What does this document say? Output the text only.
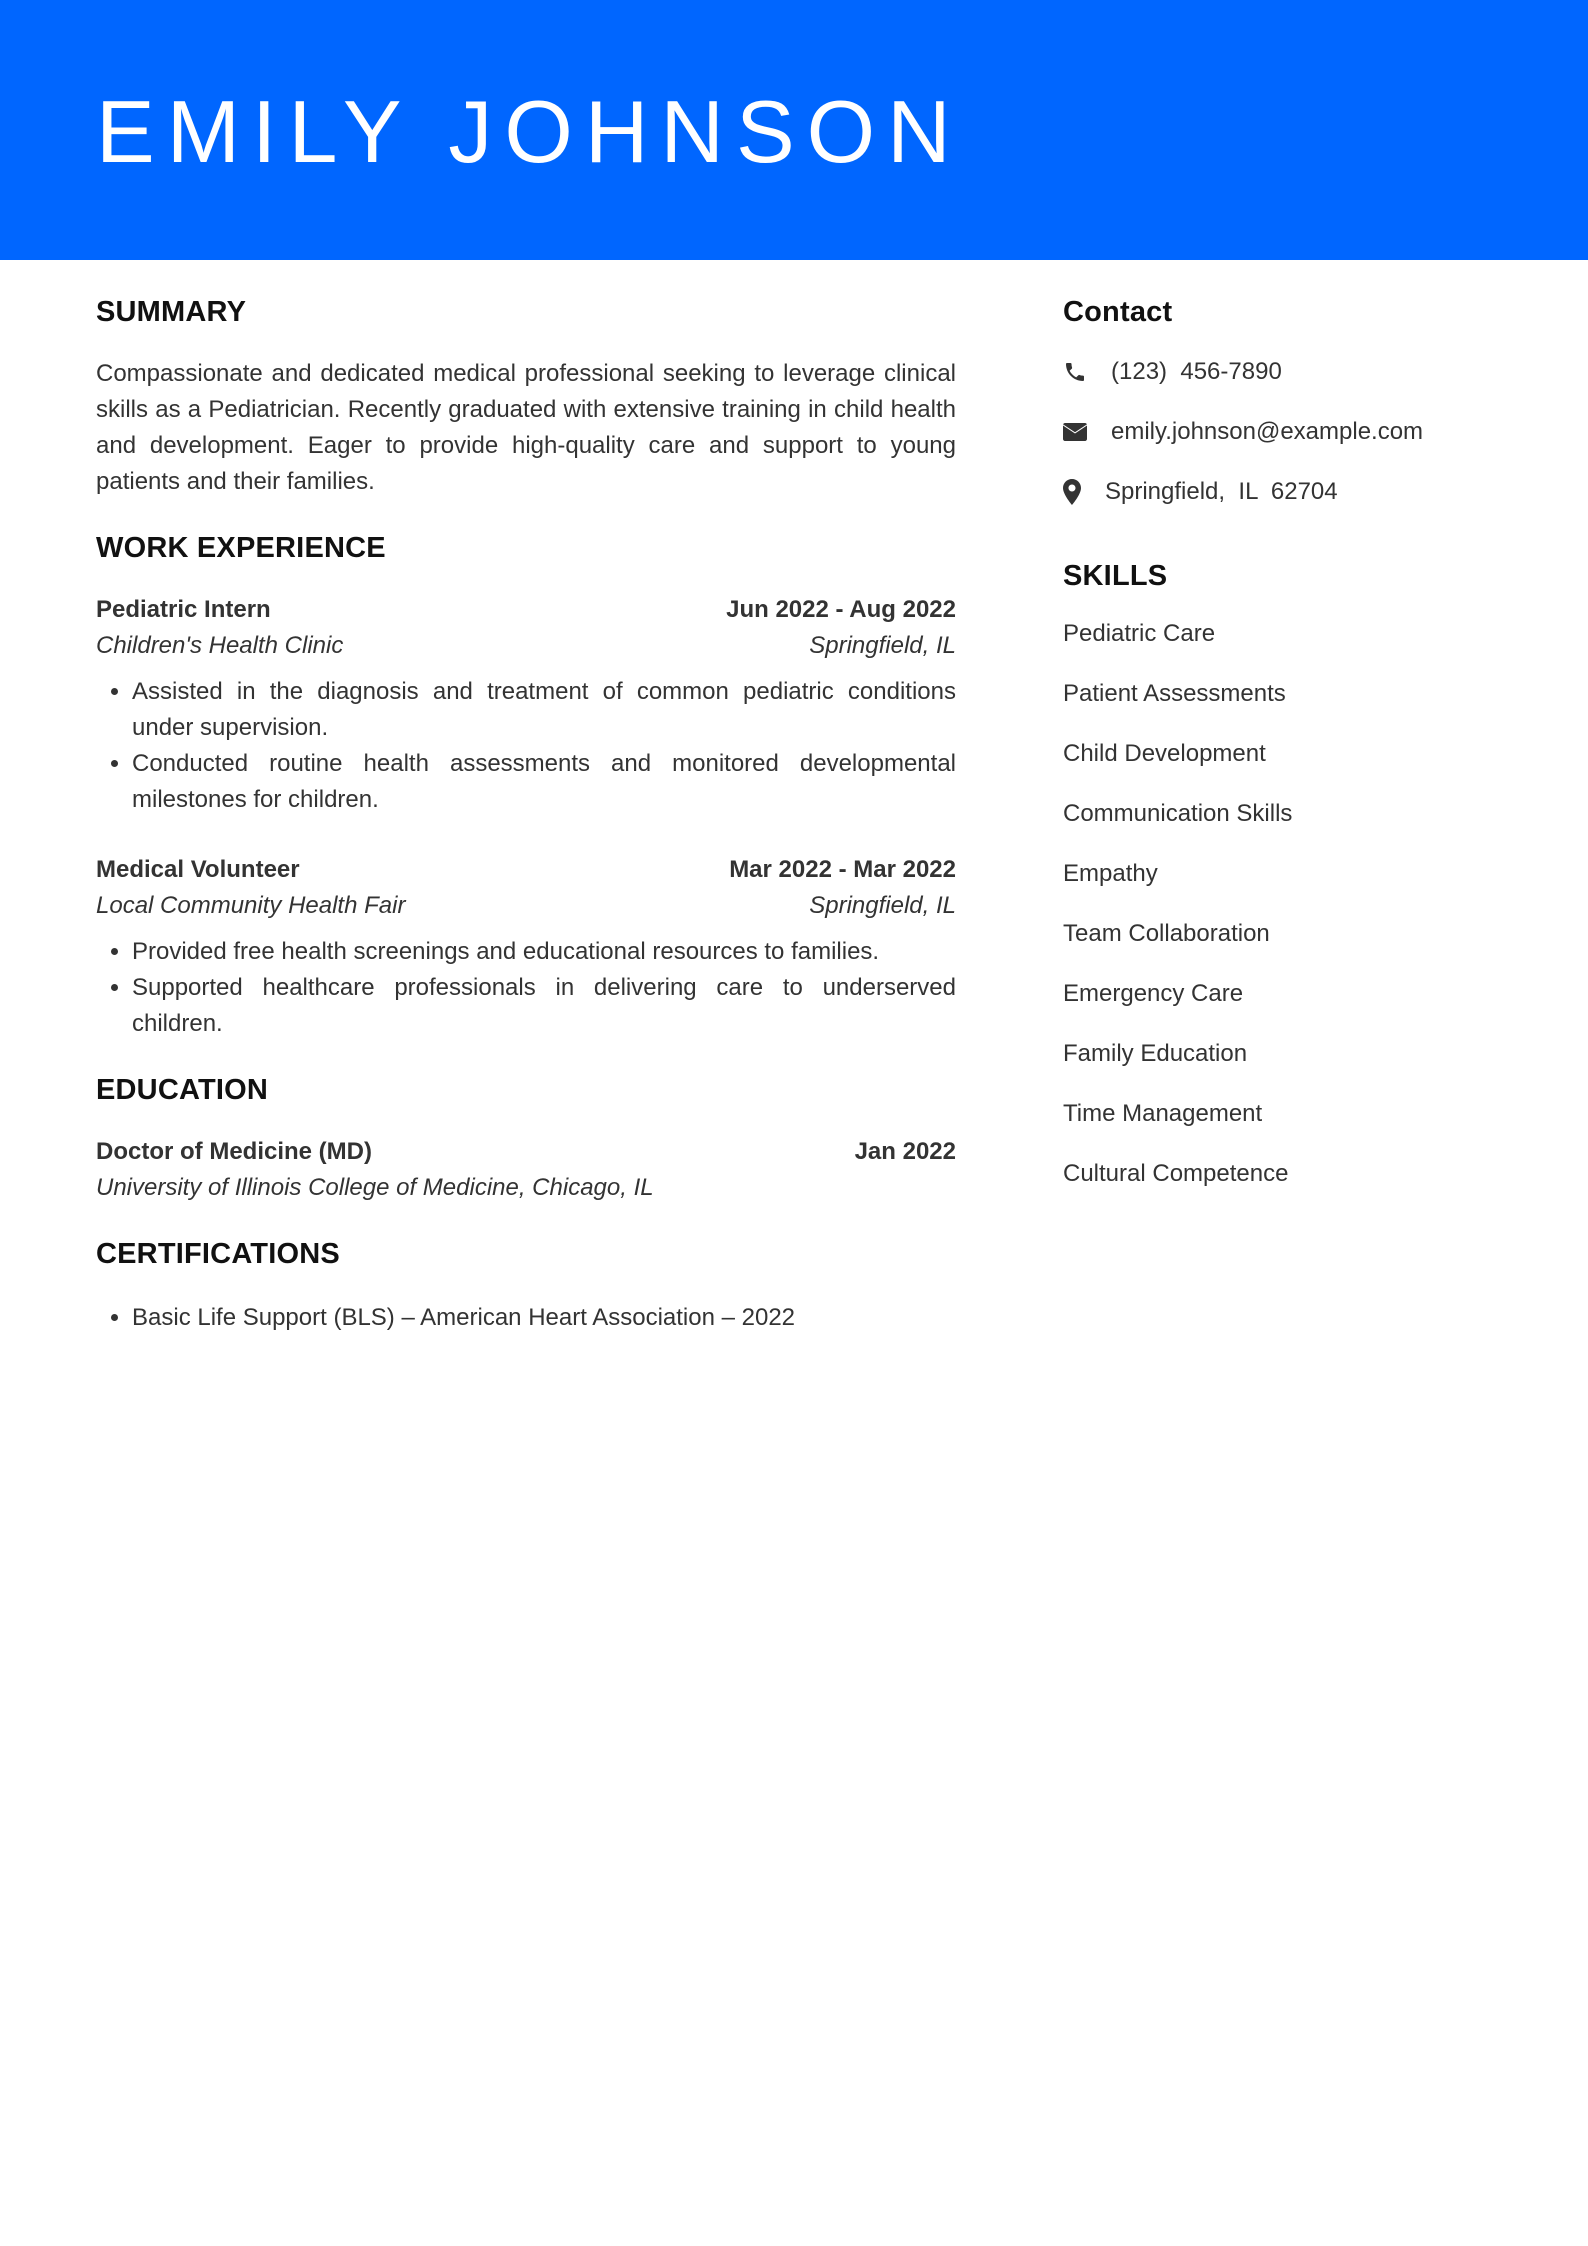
EMILY JOHNSON
SUMMARY

Compassionate and dedicated medical professional seeking to leverage clinical skills as a Pediatrician. Recently graduated with extensive training in child health and development. Eager to provide high-quality care and support to young patients and their families.

WORK EXPERIENCE
Pediatric Intern	Jun 2022 - Aug 2022
Children's Health Clinic	Springfield, IL
• Assisted in the diagnosis and treatment of common pediatric conditions under supervision.
• Conducted routine health assessments and monitored developmental milestones for children.
Medical Volunteer	Mar 2022 - Mar 2022
Local Community Health Fair	Springfield, IL
• Provided free health screenings and educational resources to families.
• Supported healthcare professionals in delivering care to underserved children.
EDUCATION
Doctor of Medicine (MD)	Jan 2022
University of Illinois College of Medicine, Chicago, IL
CERTIFICATIONS
• Basic Life Support (BLS) – American Heart Association – 2022
Contact
(123)  456-7890
emily.johnson@example.com
Springfield,  IL  62704
SKILLS
Pediatric Care
Patient Assessments
Child Development
Communication Skills
Empathy
Team Collaboration
Emergency Care
Family Education
Time Management
Cultural Competence
